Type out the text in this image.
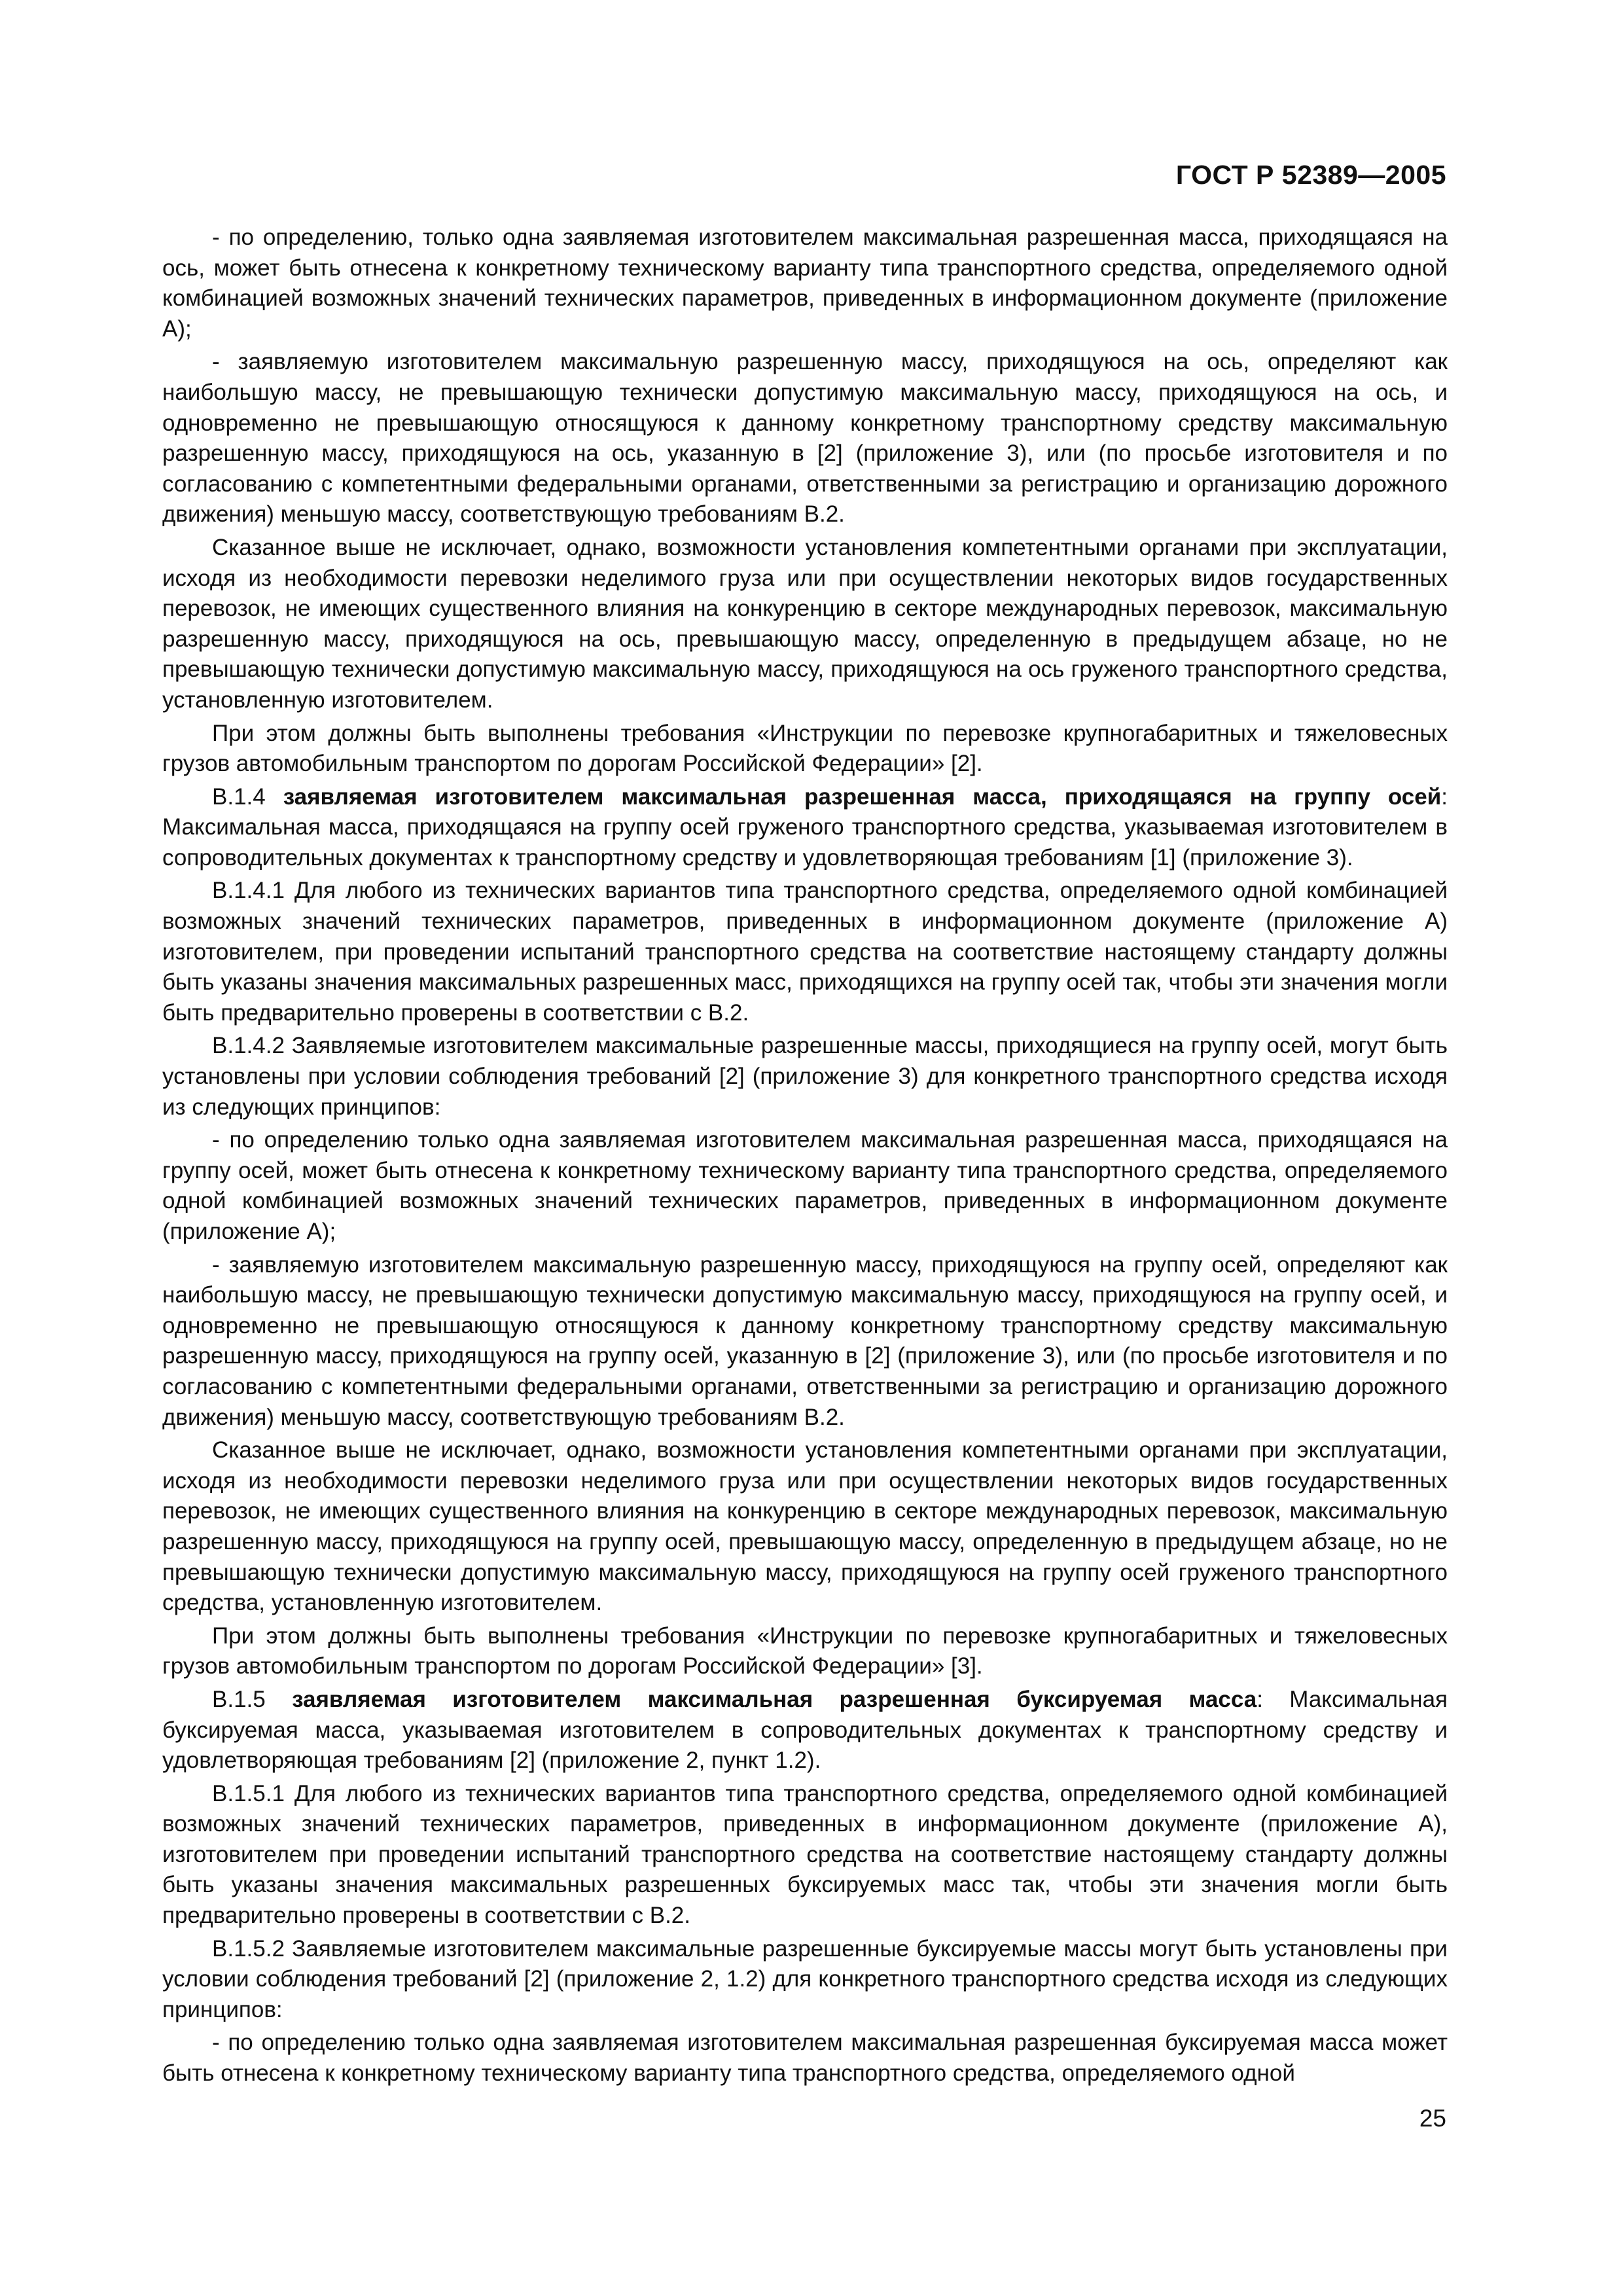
ГОСТ Р 52389—2005

- по определению, только одна заявляемая изготовителем максимальная разрешенная масса, приходящаяся на ось, может быть отнесена к конкретному техническому варианту типа транспортного средства, определяемого одной комбинацией возможных значений технических параметров, приведенных в информационном документе (приложение А);

- заявляемую изготовителем максимальную разрешенную массу, приходящуюся на ось, определяют как наибольшую массу, не превышающую технически допустимую максимальную массу, приходящуюся на ось, и одновременно не превышающую относящуюся к данному конкретному транспортному средству максимальную разрешенную массу, приходящуюся на ось, указанную в [2] (приложение 3), или (по просьбе изготовителя и по согласованию с компетентными федеральными органами, ответственными за регистрацию и организацию дорожного движения) меньшую массу, соответствующую требованиям В.2.

Сказанное выше не исключает, однако, возможности установления компетентными органами при эксплуатации, исходя из необходимости перевозки неделимого груза или при осуществлении некоторых видов государственных перевозок, не имеющих существенного влияния на конкуренцию в секторе международных перевозок, максимальную разрешенную массу, приходящуюся на ось, превышающую массу, определенную в предыдущем абзаце, но не превышающую технически допустимую максимальную массу, приходящуюся на ось груженого транспортного средства, установленную изготовителем.

При этом должны быть выполнены требования «Инструкции по перевозке крупногабаритных и тяжеловесных грузов автомобильным транспортом по дорогам Российской Федерации» [2].

В.1.4 заявляемая изготовителем максимальная разрешенная масса, приходящаяся на группу осей: Максимальная масса, приходящаяся на группу осей груженого транспортного средства, указываемая изготовителем в сопроводительных документах к транспортному средству и удовлетворяющая требованиям [1] (приложение 3).

В.1.4.1 Для любого из технических вариантов типа транспортного средства, определяемого одной комбинацией возможных значений технических параметров, приведенных в информационном документе (приложение А) изготовителем, при проведении испытаний транспортного средства на соответствие настоящему стандарту должны быть указаны значения максимальных разрешенных масс, приходящихся на группу осей так, чтобы эти значения могли быть предварительно проверены в соответствии с В.2.

В.1.4.2 Заявляемые изготовителем максимальные разрешенные массы, приходящиеся на группу осей, могут быть установлены при условии соблюдения требований [2] (приложение 3) для конкретного транспортного средства исходя из следующих принципов:

- по определению только одна заявляемая изготовителем максимальная разрешенная масса, приходящаяся на группу осей, может быть отнесена к конкретному техническому варианту типа транспортного средства, определяемого одной комбинацией возможных значений технических параметров, приведенных в информационном документе (приложение А);

- заявляемую изготовителем максимальную разрешенную массу, приходящуюся на группу осей, определяют как наибольшую массу, не превышающую технически допустимую максимальную массу, приходящуюся на группу осей, и одновременно не превышающую относящуюся к данному конкретному транспортному средству максимальную разрешенную массу, приходящуюся на группу осей, указанную в [2] (приложение 3), или (по просьбе изготовителя и по согласованию с компетентными федеральными органами, ответственными за регистрацию и организацию дорожного движения) меньшую массу, соответствующую требованиям В.2.

Сказанное выше не исключает, однако, возможности установления компетентными органами при эксплуатации, исходя из необходимости перевозки неделимого груза или при осуществлении некоторых видов государственных перевозок, не имеющих существенного влияния на конкуренцию в секторе международных перевозок, максимальную разрешенную массу, приходящуюся на группу осей, превышающую массу, определенную в предыдущем абзаце, но не превышающую технически допустимую максимальную массу, приходящуюся на группу осей груженого транспортного средства, установленную изготовителем.

При этом должны быть выполнены требования «Инструкции по перевозке крупногабаритных и тяжеловесных грузов автомобильным транспортом по дорогам Российской Федерации» [3].

В.1.5 заявляемая изготовителем максимальная разрешенная буксируемая масса: Максимальная буксируемая масса, указываемая изготовителем в сопроводительных документах к транспортному средству и удовлетворяющая требованиям [2] (приложение 2, пункт 1.2).

В.1.5.1 Для любого из технических вариантов типа транспортного средства, определяемого одной комбинацией возможных значений технических параметров, приведенных в информационном документе (приложение А), изготовителем при проведении испытаний транспортного средства на соответствие настоящему стандарту должны быть указаны значения максимальных разрешенных буксируемых масс так, чтобы эти значения могли быть предварительно проверены в соответствии с В.2.

В.1.5.2 Заявляемые изготовителем максимальные разрешенные буксируемые массы могут быть установлены при условии соблюдения требований [2] (приложение 2, 1.2) для конкретного транспортного средства исходя из следующих принципов:

- по определению только одна заявляемая изготовителем максимальная разрешенная буксируемая масса может быть отнесена к конкретному техническому варианту типа транспортного средства, определяемого одной

25
